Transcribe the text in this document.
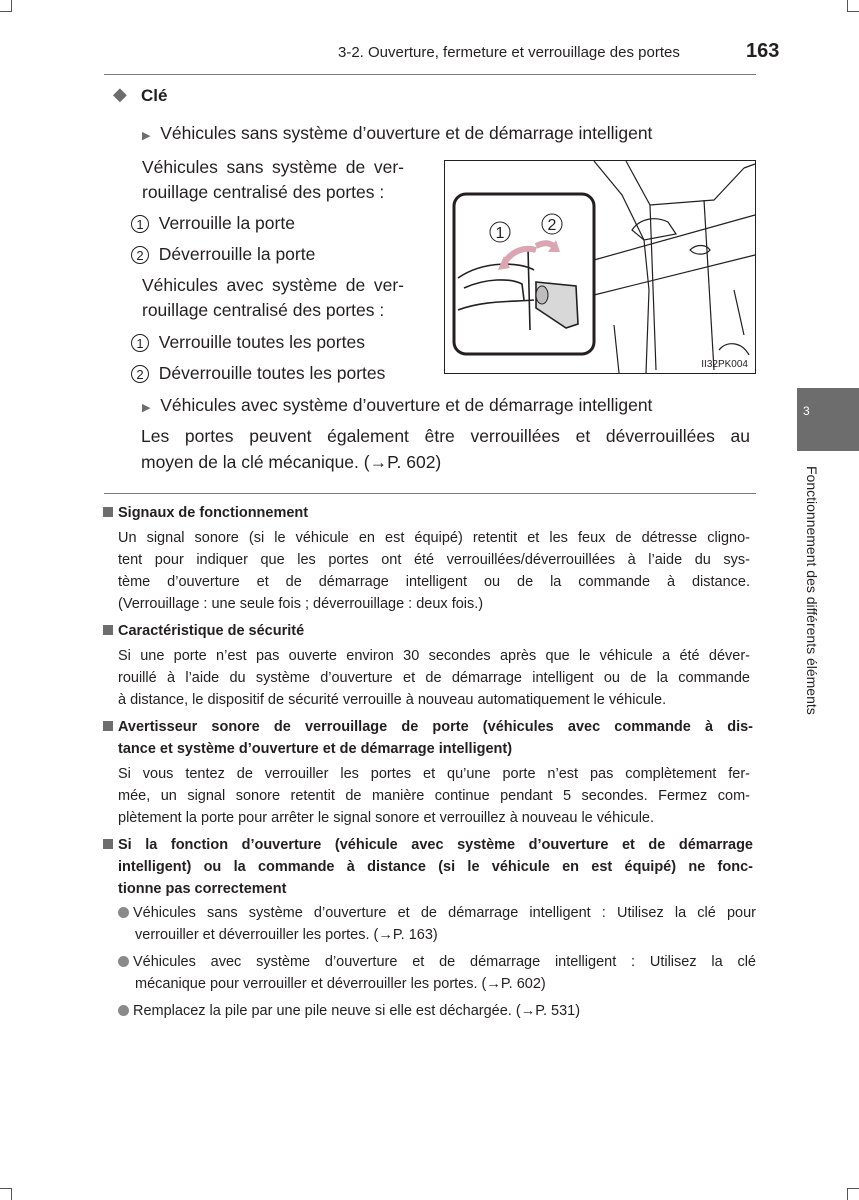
3-2. Ouverture, fermeture et verrouillage des portes	163
3
Fonctionnement des différents éléments
◆ Clé
▶ Véhicules sans système d’ouverture et de démarrage intelligent
Véhicules sans système de ver-
rouillage centralisé des portes :
1 Verrouille la porte
2 Déverrouille la porte
Véhicules avec système de ver-
rouillage centralisé des portes :
1 Verrouille toutes les portes
2 Déverrouille toutes les portes
1	2
II32PK004
▶ Véhicules avec système d’ouverture et de démarrage intelligent
Les portes peuvent également être verrouillées et déverrouillées au
moyen de la clé mécanique. (→P. 602)
Signaux de fonctionnement
Un signal sonore (si le véhicule en est équipé) retentit et les feux de détresse cligno-
tent pour indiquer que les portes ont été verrouillées/déverrouillées à l’aide du sys-
tème d’ouverture et de démarrage intelligent ou de la commande à distance.
(Verrouillage : une seule fois ; déverrouillage : deux fois.)
Caractéristique de sécurité
Si une porte n’est pas ouverte environ 30 secondes après que le véhicule a été déver-
rouillé à l’aide du système d’ouverture et de démarrage intelligent ou de la commande
à distance, le dispositif de sécurité verrouille à nouveau automatiquement le véhicule.
Avertisseur sonore de verrouillage de porte (véhicules avec commande à dis-
tance et système d’ouverture et de démarrage intelligent)
Si vous tentez de verrouiller les portes et qu’une porte n’est pas complètement fer-
mée, un signal sonore retentit de manière continue pendant 5 secondes. Fermez com-
plètement la porte pour arrêter le signal sonore et verrouillez à nouveau le véhicule.
Si la fonction d’ouverture (véhicule avec système d’ouverture et de démarrage
intelligent) ou la commande à distance (si le véhicule en est équipé) ne fonc-
tionne pas correctement
Véhicules sans système d’ouverture et de démarrage intelligent : Utilisez la clé pour
verrouiller et déverrouiller les portes. (→P. 163)
Véhicules avec système d’ouverture et de démarrage intelligent : Utilisez la clé
mécanique pour verrouiller et déverrouiller les portes. (→P. 602)
Remplacez la pile par une pile neuve si elle est déchargée. (→P. 531)
